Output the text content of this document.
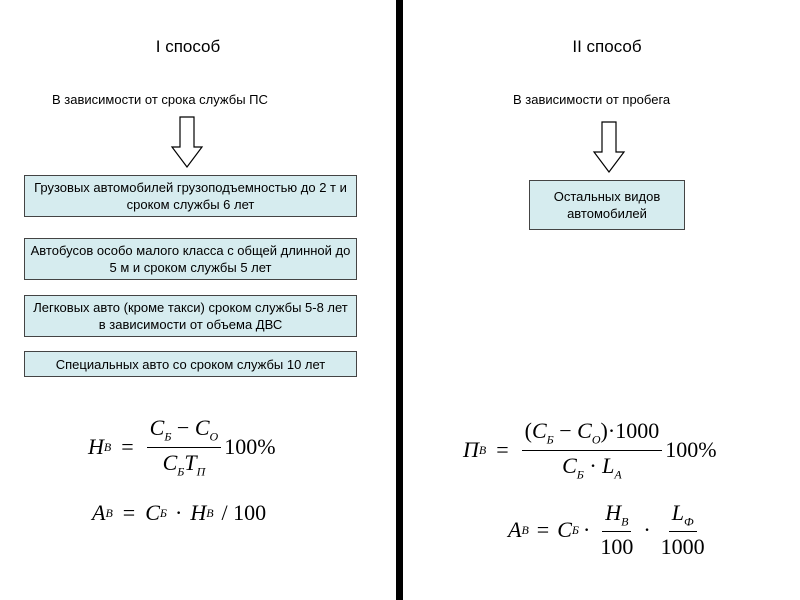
I способ
В зависимости от срока службы ПС
Грузовых автомобилей грузоподъемностью до 2 т и сроком службы 6 лет
Автобусов особо малого класса с общей длинной до 5 м и сроком службы 5 лет
Легковых авто (кроме такси) сроком службы 5-8 лет в зависимости от объема ДВС
Специальных авто со сроком службы 10 лет
H $В = \frac{C_Б - C_О}{C_БT_П} 100\%$
A В = C Б · H В / 100
II способ
В зависимости от пробега
Остальных видов автомобилей
П $В = \frac{(C_Б - C_О)\cdot 1000}{C_Б \cdot L_А} 100\%$
A В = C $Б \cdot \frac{H_В}{100} \cdot \frac{L_Ф}{1000}$
